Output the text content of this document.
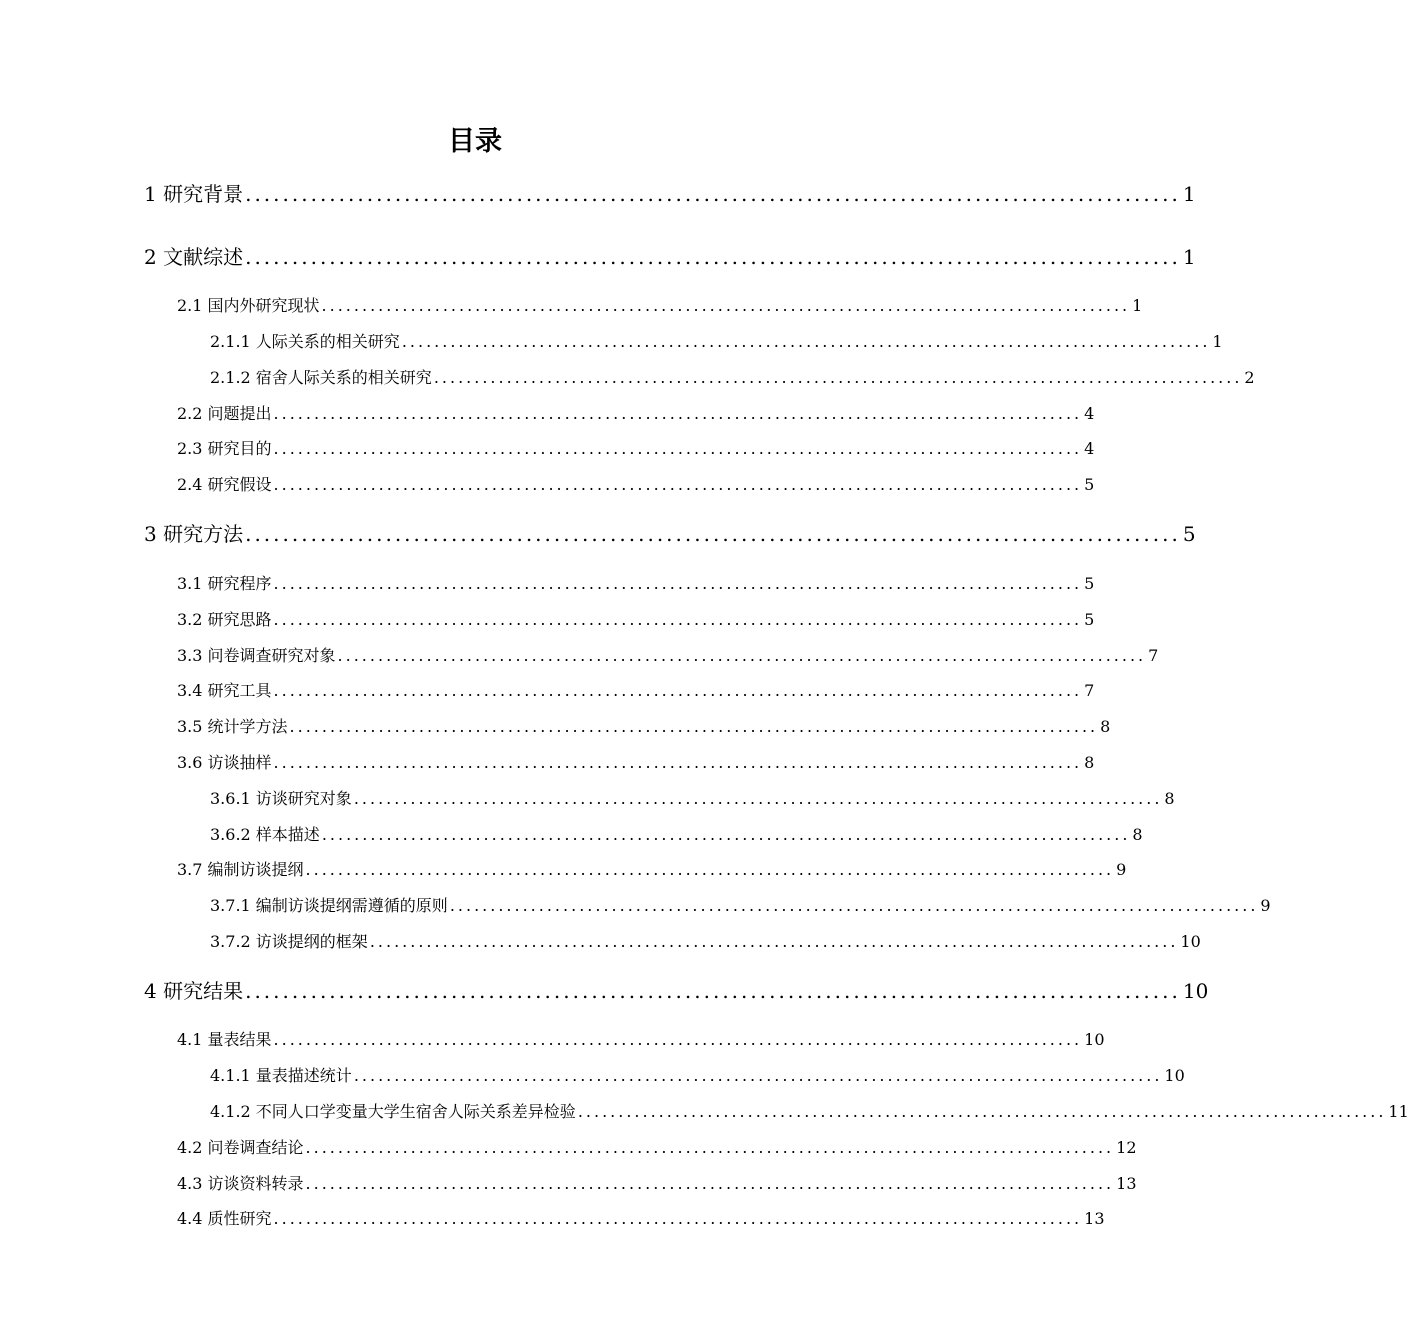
目录
1 研究背景 .................................................................................................... 1
2 文献综述 .................................................................................................... 1
2.1 国内外研究现状 .................................................................................................... 1
2.1.1 人际关系的相关研究 .................................................................................................... 1
2.1.2 宿舍人际关系的相关研究 .................................................................................................... 2
2.2 问题提出 .................................................................................................... 4
2.3 研究目的 .................................................................................................... 4
2.4 研究假设 .................................................................................................... 5
3 研究方法 .................................................................................................... 5
3.1 研究程序 .................................................................................................... 5
3.2 研究思路 .................................................................................................... 5
3.3 问卷调查研究对象 .................................................................................................... 7
3.4 研究工具 .................................................................................................... 7
3.5 统计学方法 .................................................................................................... 8
3.6 访谈抽样 .................................................................................................... 8
3.6.1 访谈研究对象 .................................................................................................... 8
3.6.2 样本描述 .................................................................................................... 8
3.7 编制访谈提纲 .................................................................................................... 9
3.7.1 编制访谈提纲需遵循的原则 .................................................................................................... 9
3.7.2 访谈提纲的框架 .................................................................................................... 10
4 研究结果 .................................................................................................... 10
4.1 量表结果 .................................................................................................... 10
4.1.1 量表描述统计 .................................................................................................... 10
4.1.2 不同人口学变量大学生宿舍人际关系差异检验 .................................................................................................... 11
4.2 问卷调查结论 .................................................................................................... 12
4.3 访谈资料转录 .................................................................................................... 13
4.4 质性研究 .................................................................................................... 13
